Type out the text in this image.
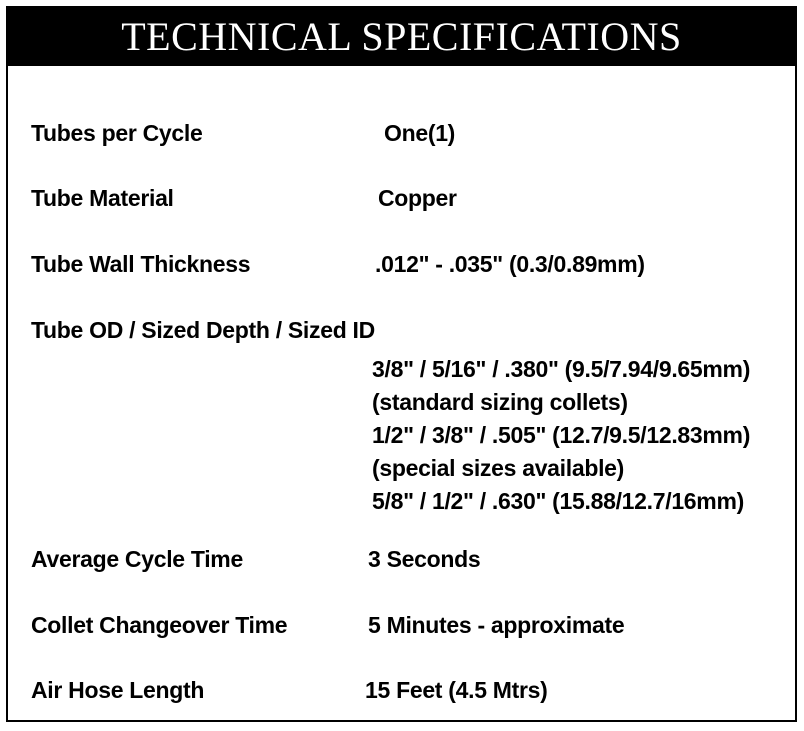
TECHNICAL SPECIFICATIONS
Tubes per Cycle	One(1)
Tube Material	Copper
Tube Wall Thickness	.012" - .035" (0.3/0.89mm)
Tube OD / Sized Depth / Sized ID
3/8" / 5/16" / .380" (9.5/7.94/9.65mm)
(standard sizing collets)
1/2" / 3/8" / .505" (12.7/9.5/12.83mm)
(special sizes available)
5/8" / 1/2" / .630" (15.88/12.7/16mm)
Average Cycle Time	3 Seconds
Collet Changeover Time	5 Minutes - approximate
Air Hose Length	15 Feet (4.5 Mtrs)
